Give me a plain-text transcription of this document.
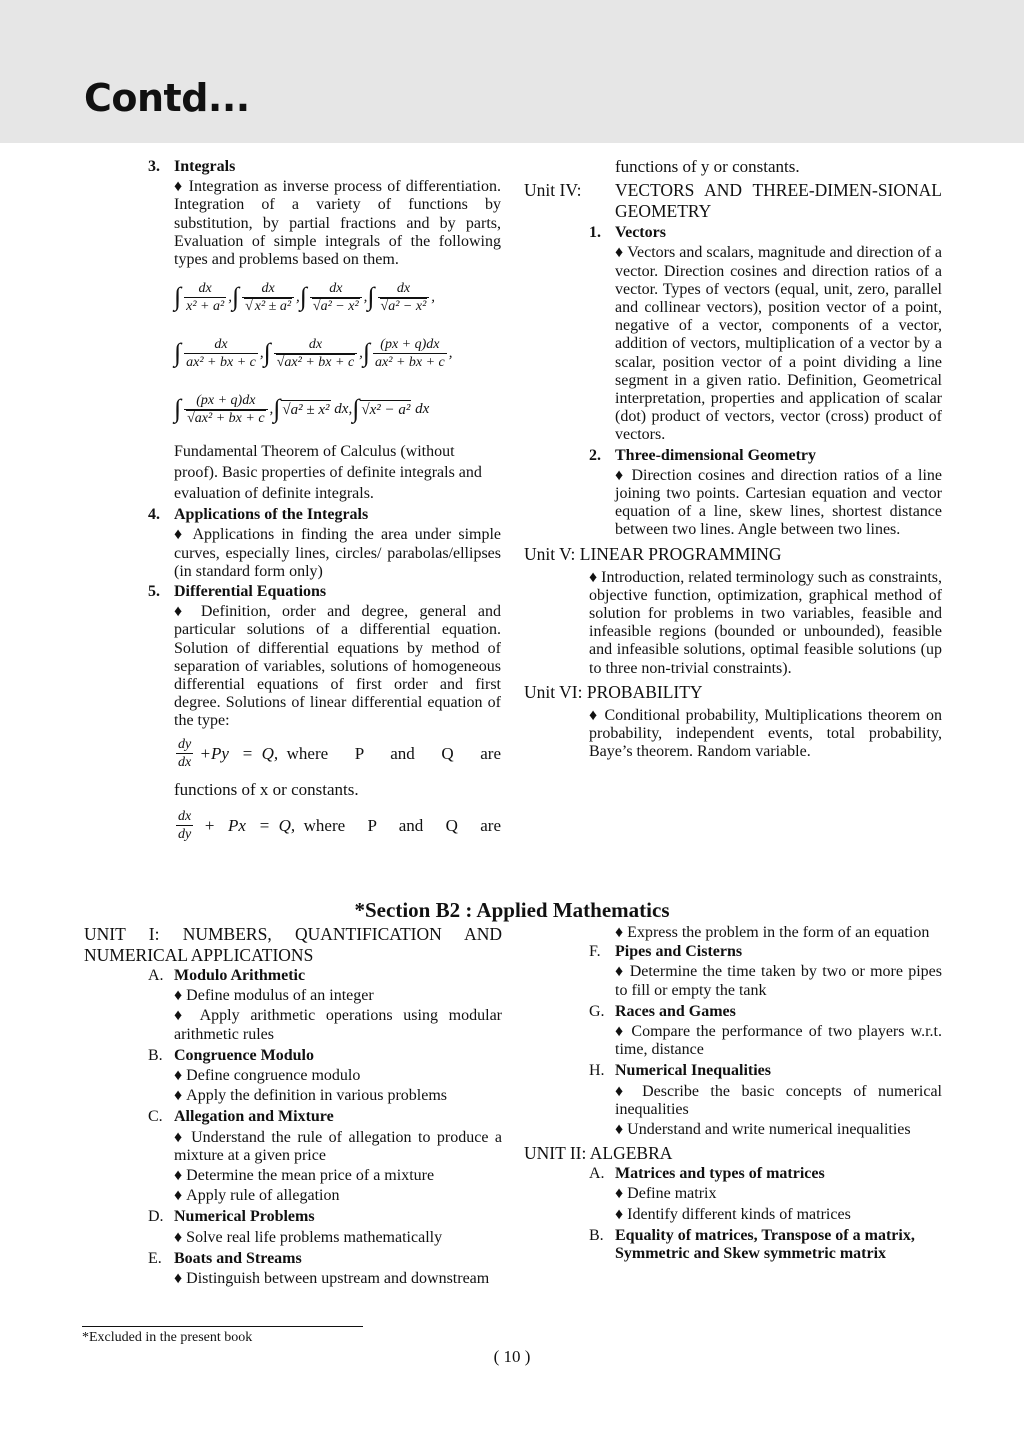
Contd...
3. Integrals

♦ Integration as inverse process of differentiation. Integration of a variety of functions by substitution, by partial fractions and by parts, Evaluation of simple integrals of the following types and problems based on them.

∫ $\frac{dx}{\text{x² + a²}}$ , ∫ $\frac{dx}{\text{√ x² ± a²}}$ , ∫ $\frac{dx}{\text{√a² − x²}}$ , ∫ $\frac{dx}{\text{√a² − x²}}$ ,
∫ $\frac{dx}{\text{ax² + bx + c}}$ , ∫ $\frac{dx}{\text{√ax² + bx + c}}$ , ∫ $\frac{(px + q)dx}{\text{ax² + bx + c}}$ ,
∫ $\frac{(px + q)dx}{\text{√ax² + bx + c}}$ , ∫ √a² ± x² dx, ∫ √x² − a² dx

Fundamental Theorem of Calculus (without proof). Basic properties of definite integrals and evaluation of definite integrals.

4. Applications of the Integrals

♦ Applications in finding the area under simple curves, especially lines, circles/ parabolas/ellipses (in standard form only)

5. Differential Equations

♦ Definition, order and degree, general and particular solutions of a differential equation. Solution of differential equations by method of separation of variables, solutions of homogeneous differential equations of first order and first degree. Solutions of linear differential equation of the type:

$\frac{dy}{dx} +Py = Q$, where P and Q are

functions of x or constants.

$\frac{dx}{dy} + Px = Q$, where P and Q are

functions of y or constants.

Unit IV: VECTORS AND THREE-DIMEN-SIONAL GEOMETRY
1. Vectors

♦ Vectors and scalars, magnitude and direction of a vector. Direction cosines and direction ratios of a vector. Types of vectors (equal, unit, zero, parallel and collinear vectors), position vector of a point, negative of a vector, components of a vector, addition of vectors, multiplication of a vector by a scalar, position vector of a point dividing a line segment in a given ratio. Definition, Geometrical interpretation, properties and application of scalar (dot) product of vectors, vector (cross) product of vectors.

2. Three-dimensional Geometry

♦ Direction cosines and direction ratios of a line joining two points. Cartesian equation and vector equation of a line, skew lines, shortest distance between two lines. Angle between two lines.

Unit V: LINEAR PROGRAMMING

♦ Introduction, related terminology such as constraints, objective function, optimization, graphical method of solution for problems in two variables, feasible and infeasible regions (bounded or unbounded), feasible and infeasible solutions, optimal feasible solutions (up to three non-trivial constraints).

Unit VI: PROBABILITY

♦ Conditional probability, Multiplications theorem on probability, independent events, total probability, Baye’s theorem. Random variable.

*Section B2 : Applied Mathematics

UNIT I: NUMBERS, QUANTIFICATION AND NUMERICAL APPLICATIONS

A. Modulo Arithmetic

♦ Define modulus of an integer

♦ Apply arithmetic operations using modular arithmetic rules

B. Congruence Modulo

♦ Define congruence modulo

♦ Apply the definition in various problems

C. Allegation and Mixture

♦ Understand the rule of allegation to produce a mixture at a given price

♦ Determine the mean price of a mixture

♦ Apply rule of allegation

D. Numerical Problems

♦ Solve real life problems mathematically

E. Boats and Streams

♦ Distinguish between upstream and downstream

♦ Express the problem in the form of an equation

F. Pipes and Cisterns

♦ Determine the time taken by two or more pipes to fill or empty the tank

G. Races and Games

♦ Compare the performance of two players w.r.t. time, distance

H. Numerical Inequalities

♦ Describe the basic concepts of numerical inequalities

♦ Understand and write numerical inequalities

UNIT II: ALGEBRA

A. Matrices and types of matrices

♦ Define matrix

♦ Identify different kinds of matrices

B. Equality of matrices, Transpose of a matrix, Symmetric and Skew symmetric matrix
*Excluded in the present book
( 10 )
